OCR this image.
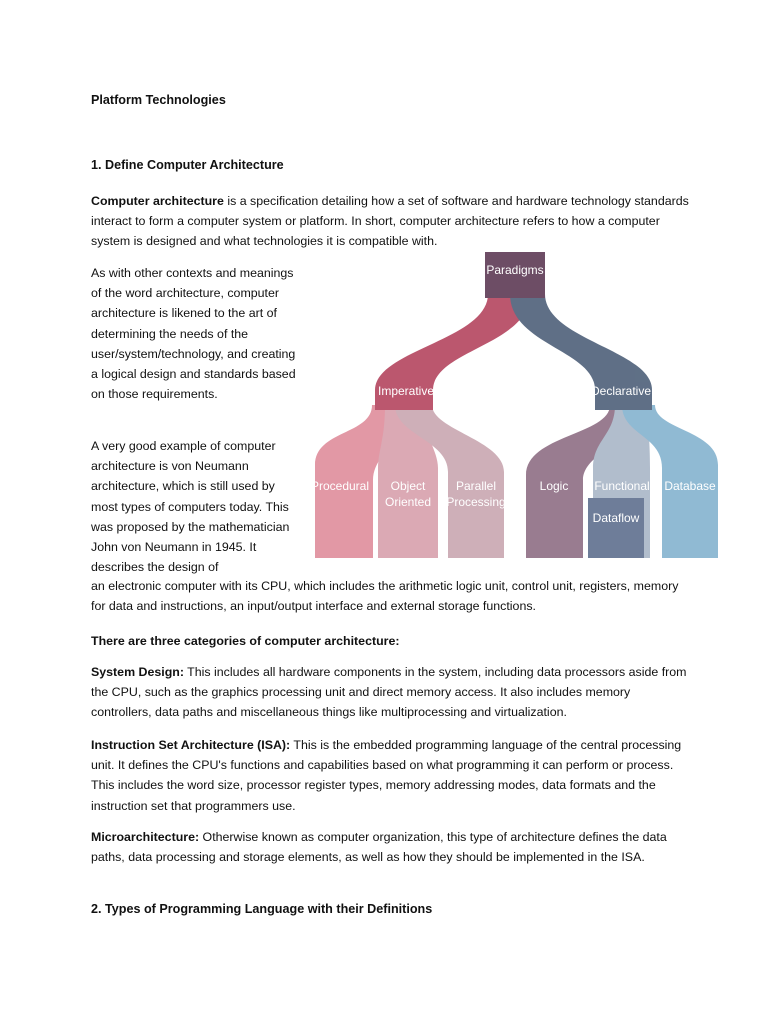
Platform Technologies

1. Define Computer Architecture

Computer architecture is a specification detailing how a set of software and hardware technology standards interact to form a computer system or platform. In short, computer architecture refers to how a computer system is designed and what technologies it is compatible with.

As with other contexts and meanings of the word architecture, computer architecture is likened to the art of determining the needs of the user/system/technology, and creating a logical design and standards based on those requirements.

A very good example of computer architecture is von Neumann architecture, which is still used by most types of computers today. This was proposed by the mathematician John von Neumann in 1945. It describes the design of

an electronic computer with its CPU, which includes the arithmetic logic unit, control unit, registers, memory for data and instructions, an input/output interface and external storage functions.

There are three categories of computer architecture:

System Design: This includes all hardware components in the system, including data processors aside from the CPU, such as the graphics processing unit and direct memory access. It also includes memory controllers, data paths and miscellaneous things like multiprocessing and virtualization.

Instruction Set Architecture (ISA): This is the embedded programming language of the central processing unit. It defines the CPU's functions and capabilities based on what programming it can perform or process. This includes the word size, processor register types, memory addressing modes, data formats and the instruction set that programmers use.

Microarchitecture: Otherwise known as computer organization, this type of architecture defines the data paths, data processing and storage elements, as well as how they should be implemented in the ISA.

2. Types of Programming Language with their Definitions

Paradigms
Imperative	Declarative
Procedural Object
Oriented
Parallel
Processing
Logic Functional Database
Dataflow
